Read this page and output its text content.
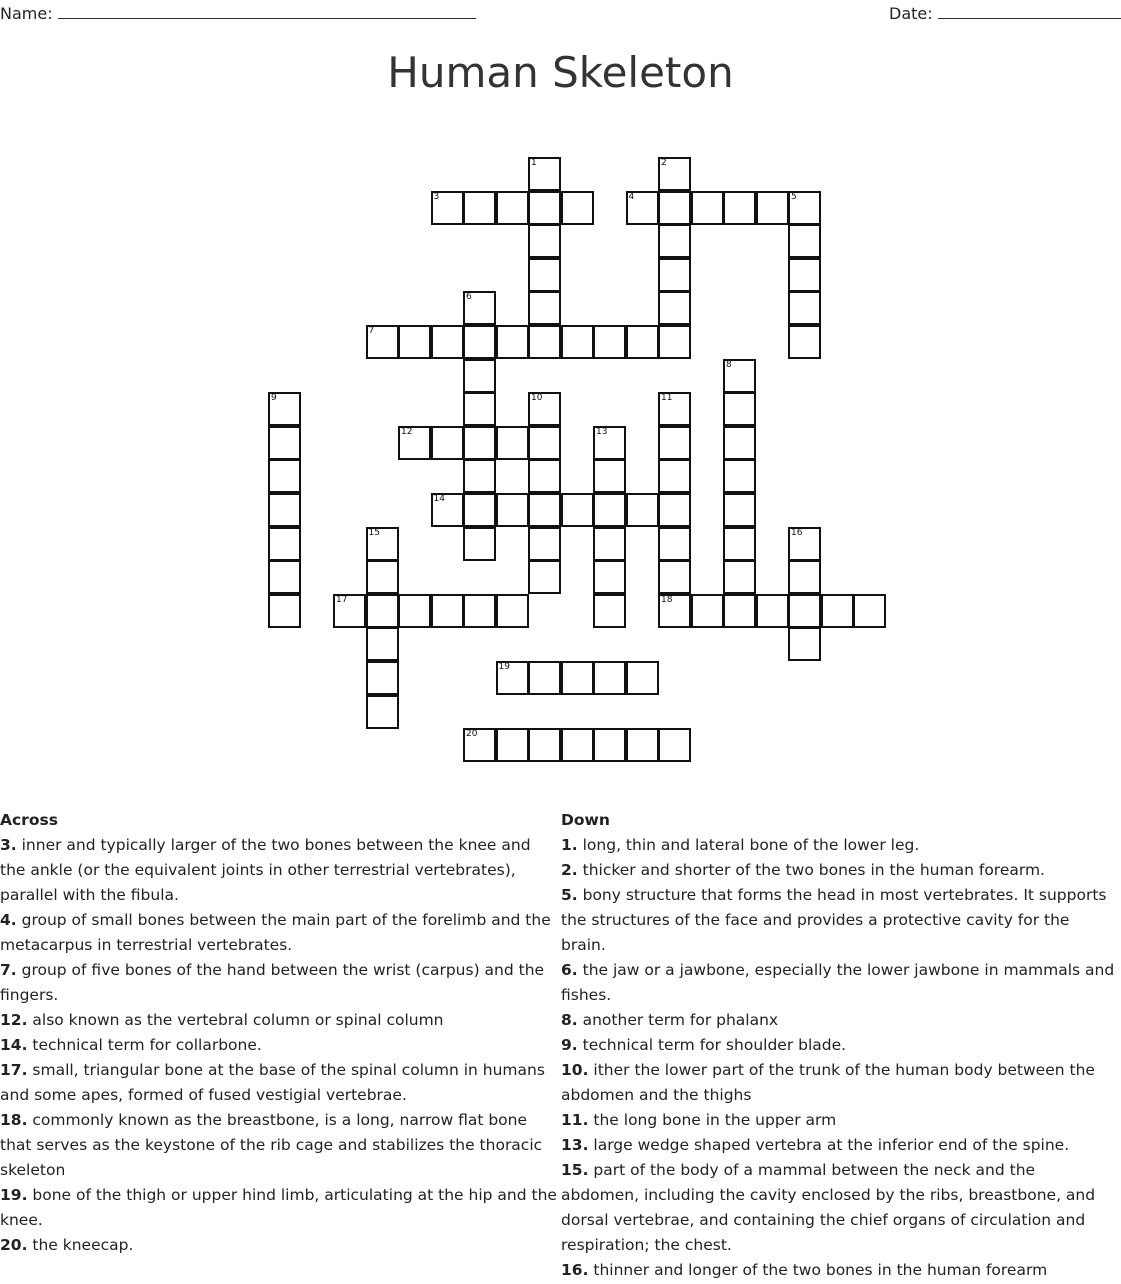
Name:	Date:
Human Skeleton
1	2
3	4	5
6
7
8
9	10	11
12	13
14
15	16
17	18
19
20
Across
3. inner and typically larger of the two bones between the knee and the ankle (or the equivalent joints in other terrestrial vertebrates), parallel with the fibula.
4. group of small bones between the main part of the forelimb and the metacarpus in terrestrial vertebrates.
7. group of five bones of the hand between the wrist (carpus) and the fingers.
12. also known as the vertebral column or spinal column
14. technical term for collarbone.
17. small, triangular bone at the base of the spinal column in humans and some apes, formed of fused vestigial vertebrae.
18. commonly known as the breastbone, is a long, narrow flat bone that serves as the keystone of the rib cage and stabilizes the thoracic skeleton
19. bone of the thigh or upper hind limb, articulating at the hip and the knee.
20. the kneecap.
Down
1. long, thin and lateral bone of the lower leg.
2. thicker and shorter of the two bones in the human forearm.
5. bony structure that forms the head in most vertebrates. It supports the structures of the face and provides a protective cavity for the brain.
6. the jaw or a jawbone, especially the lower jawbone in mammals and fishes.
8. another term for phalanx
9. technical term for shoulder blade.
10. ither the lower part of the trunk of the human body between the abdomen and the thighs
11. the long bone in the upper arm
13. large wedge shaped vertebra at the inferior end of the spine.
15. part of the body of a mammal between the neck and the abdomen, including the cavity enclosed by the ribs, breastbone, and dorsal vertebrae, and containing the chief organs of circulation and respiration; the chest.
16. thinner and longer of the two bones in the human forearm
